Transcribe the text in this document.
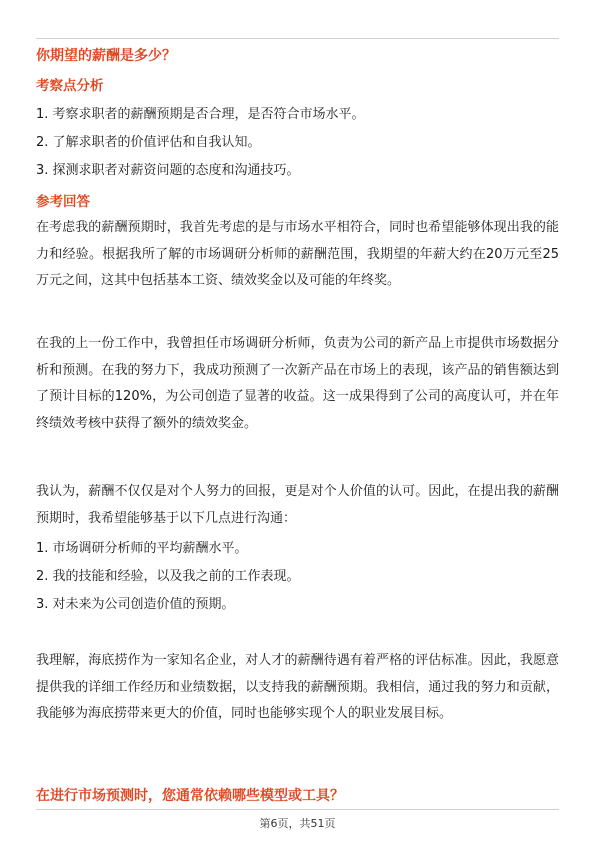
你期望的薪酬是多少？
考察点分析
1. 考察求职者的薪酬预期是否合理，是否符合市场水平。
2. 了解求职者的价值评估和自我认知。
3. 探测求职者对薪资问题的态度和沟通技巧。
参考回答

在考虑我的薪酬预期时，我首先考虑的是与市场水平相符合，同时也希望能够体现出我的能力和经验。根据我所了解的市场调研分析师的薪酬范围，我期望的年薪大约在20万元至25万元之间，这其中包括基本工资、绩效奖金以及可能的年终奖。

在我的上一份工作中，我曾担任市场调研分析师，负责为公司的新产品上市提供市场数据分析和预测。在我的努力下，我成功预测了一次新产品在市场上的表现，该产品的销售额达到了预计目标的120%，为公司创造了显著的收益。这一成果得到了公司的高度认可，并在年终绩效考核中获得了额外的绩效奖金。

我认为，薪酬不仅仅是对个人努力的回报，更是对个人价值的认可。因此，在提出我的薪酬预期时，我希望能够基于以下几点进行沟通：

1. 市场调研分析师的平均薪酬水平。
2. 我的技能和经验，以及我之前的工作表现。
3. 对未来为公司创造价值的预期。

我理解，海底捞作为一家知名企业，对人才的薪酬待遇有着严格的评估标准。因此，我愿意提供我的详细工作经历和业绩数据，以支持我的薪酬预期。我相信，通过我的努力和贡献，我能够为海底捞带来更大的价值，同时也能够实现个人的职业发展目标。

在进行市场预测时，您通常依赖哪些模型或工具？
第6页，共51页
